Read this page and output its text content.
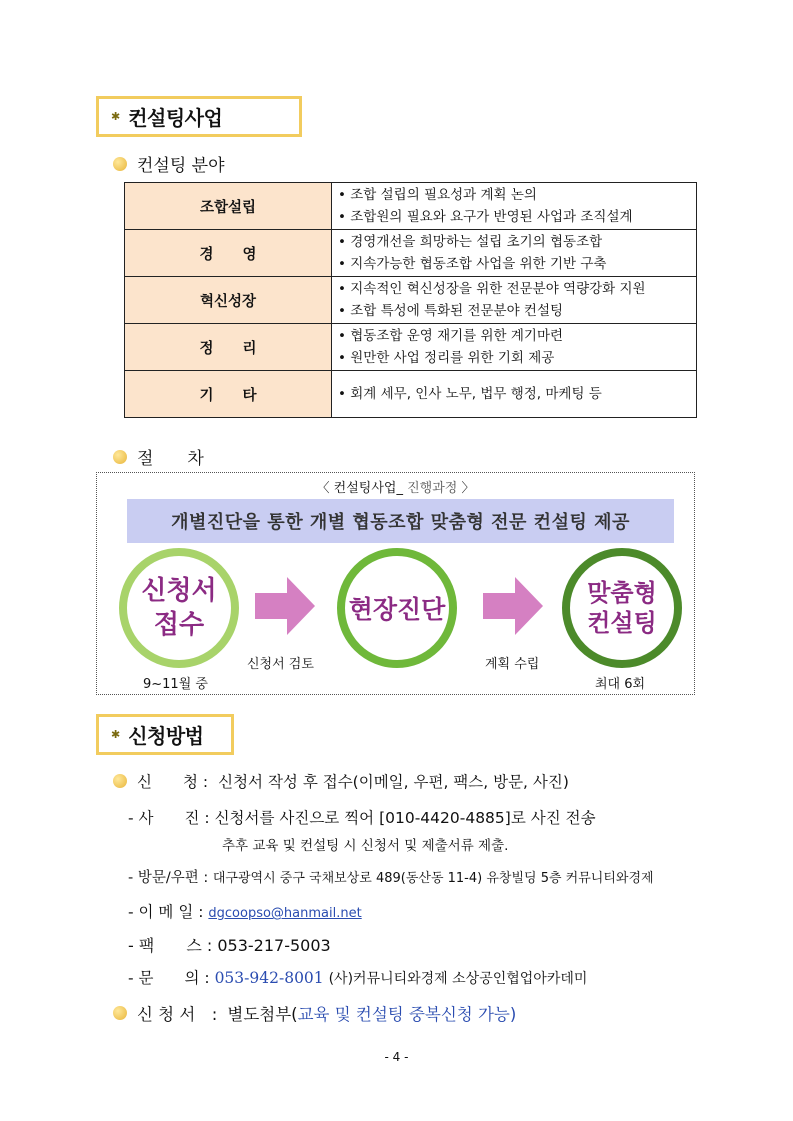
✱ 컨설팅사업
컨설팅 분야
조합설립	• 조합 설립의 필요성과 계획 논의
• 조합원의 필요와 요구가 반영된 사업과 조직설계

경　　영	• 경영개선을 희망하는 설립 초기의 협동조합
• 지속가능한 협동조합 사업을 위한 기반 구축

혁신성장	• 지속적인 혁신성장을 위한 전문분야 역량강화 지원
• 조합 특성에 특화된 전문분야 컨설팅

정　　리	• 협동조합 운영 재기를 위한 계기마련
• 원만한 사업 정리를 위한 기회 제공

기　　타	• 회계 세무, 인사 노무, 법무 행정, 마케팅 등
절　　차
〈 컨설팅사업_ 진행과정 〉
개별진단을 통한 개별 협동조합 맞춤형 전문 컨설팅 제공
신청서
접수
9~11월 중
신청서 검토
현장진단
계획 수립
맞춤형
컨설팅
최대 6회
✱ 신청방법
신　　청 : 신청서 작성 후 접수(이메일, 우편, 팩스, 방문, 사진)
- 사　　진 : 신청서를 사진으로 찍어 [010-4420-4885]로 사진 전송
추후 교육 및 컨설팅 시 신청서 및 제출서류 제출.
- 방문/우편 : 대구광역시 중구 국채보상로 489(동산동 11-4) 유창빌딩 5층 커뮤니티와경제
- 이 메 일 : dgcoopso@hanmail.net
- 팩　　스 : 053-217-5003
- 문　　의 : 053-942-8001 (사)커뮤니티와경제 소상공인협업아카데미
신 청 서　: 별도첨부(교육 및 컨설팅 중복신청 가능)
- 4 -
